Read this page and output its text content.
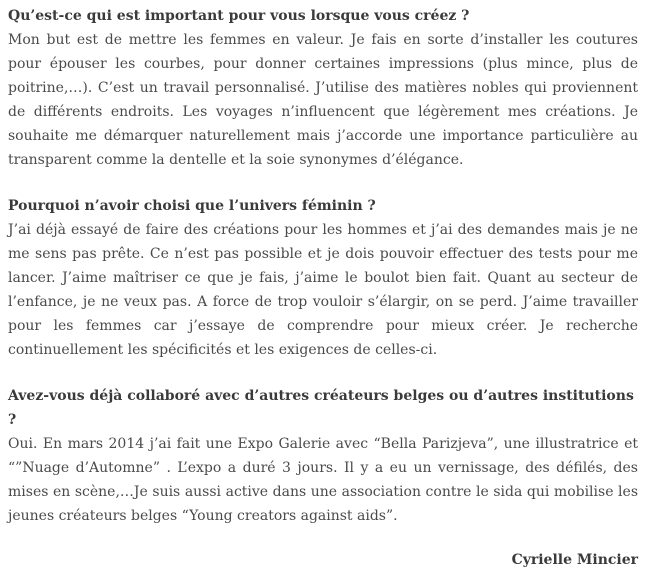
Qu’est-ce qui est important pour vous lorsque vous créez ?

Mon but est de mettre les femmes en valeur. Je fais en sorte d’installer les coutures pour épouser les courbes, pour donner certaines impressions (plus mince, plus de poitrine,…). C’est un travail personnalisé. J’utilise des matières nobles qui proviennent de différents endroits. Les voyages n’influencent que légèrement mes créations. Je souhaite me démarquer naturellement mais j’accorde une importance particulière au transparent comme la dentelle et la soie synonymes d’élégance.

Pourquoi n’avoir choisi que l’univers féminin ?

J’ai déjà essayé de faire des créations pour les hommes et j’ai des demandes mais je ne me sens pas prête. Ce n’est pas possible et je dois pouvoir effectuer des tests pour me lancer. J’aime maîtriser ce que je fais, j’aime le boulot bien fait. Quant au secteur de l’enfance, je ne veux pas. A force de trop vouloir s’élargir, on se perd. J’aime travailler pour les femmes car j’essaye de comprendre pour mieux créer. Je recherche continuellement les spécificités et les exigences de celles-ci.

Avez-vous déjà collaboré avec d’autres créateurs belges ou d’autres institutions ?

Oui. En mars 2014 j’ai fait une Expo Galerie avec “Bella Parizjeva”, une illustratrice et “”Nuage d’Automne” . L’expo a duré 3 jours. Il y a eu un vernissage, des défilés, des mises en scène,…Je suis aussi active dans une association contre le sida qui mobilise les jeunes créateurs belges “Young creators against aids”.

Cyrielle Mincier
